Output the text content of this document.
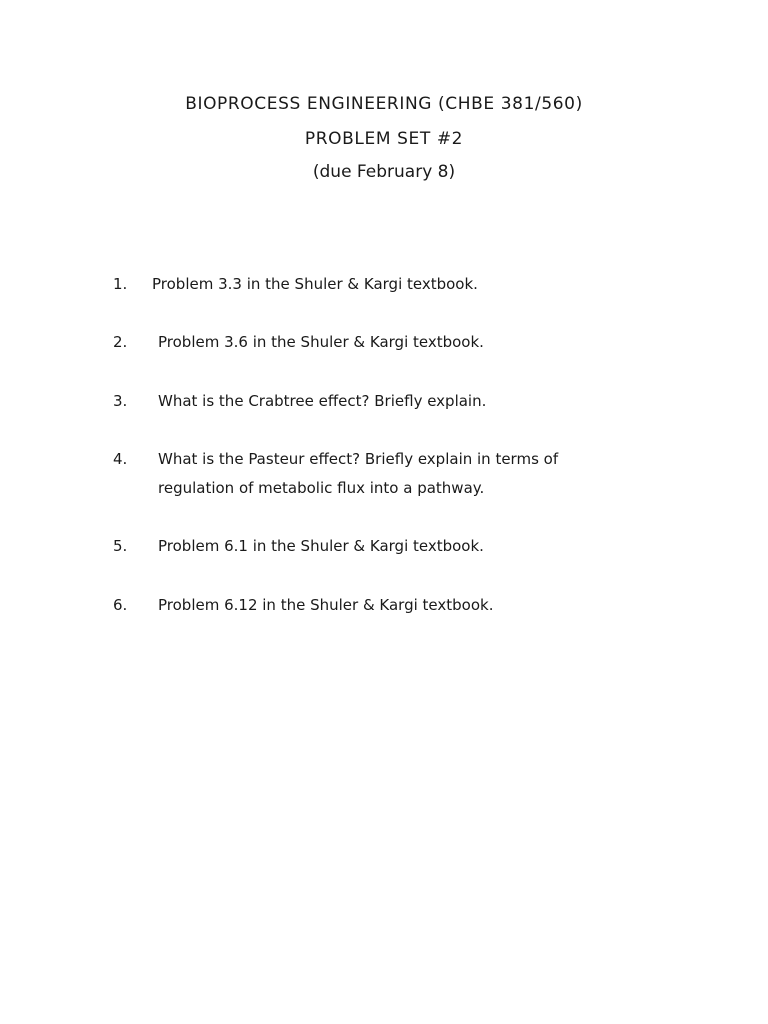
BIOPROCESS ENGINEERING (CHBE 381/560)
PROBLEM SET #2
(due February 8)
1. Problem 3.3 in the Shuler & Kargi textbook.
2. Problem 3.6 in the Shuler & Kargi textbook.
3. What is the Crabtree effect? Briefly explain.
4. What is the Pasteur effect? Briefly explain in terms of
regulation of metabolic flux into a pathway.
5. Problem 6.1 in the Shuler & Kargi textbook.
6. Problem 6.12 in the Shuler & Kargi textbook.
